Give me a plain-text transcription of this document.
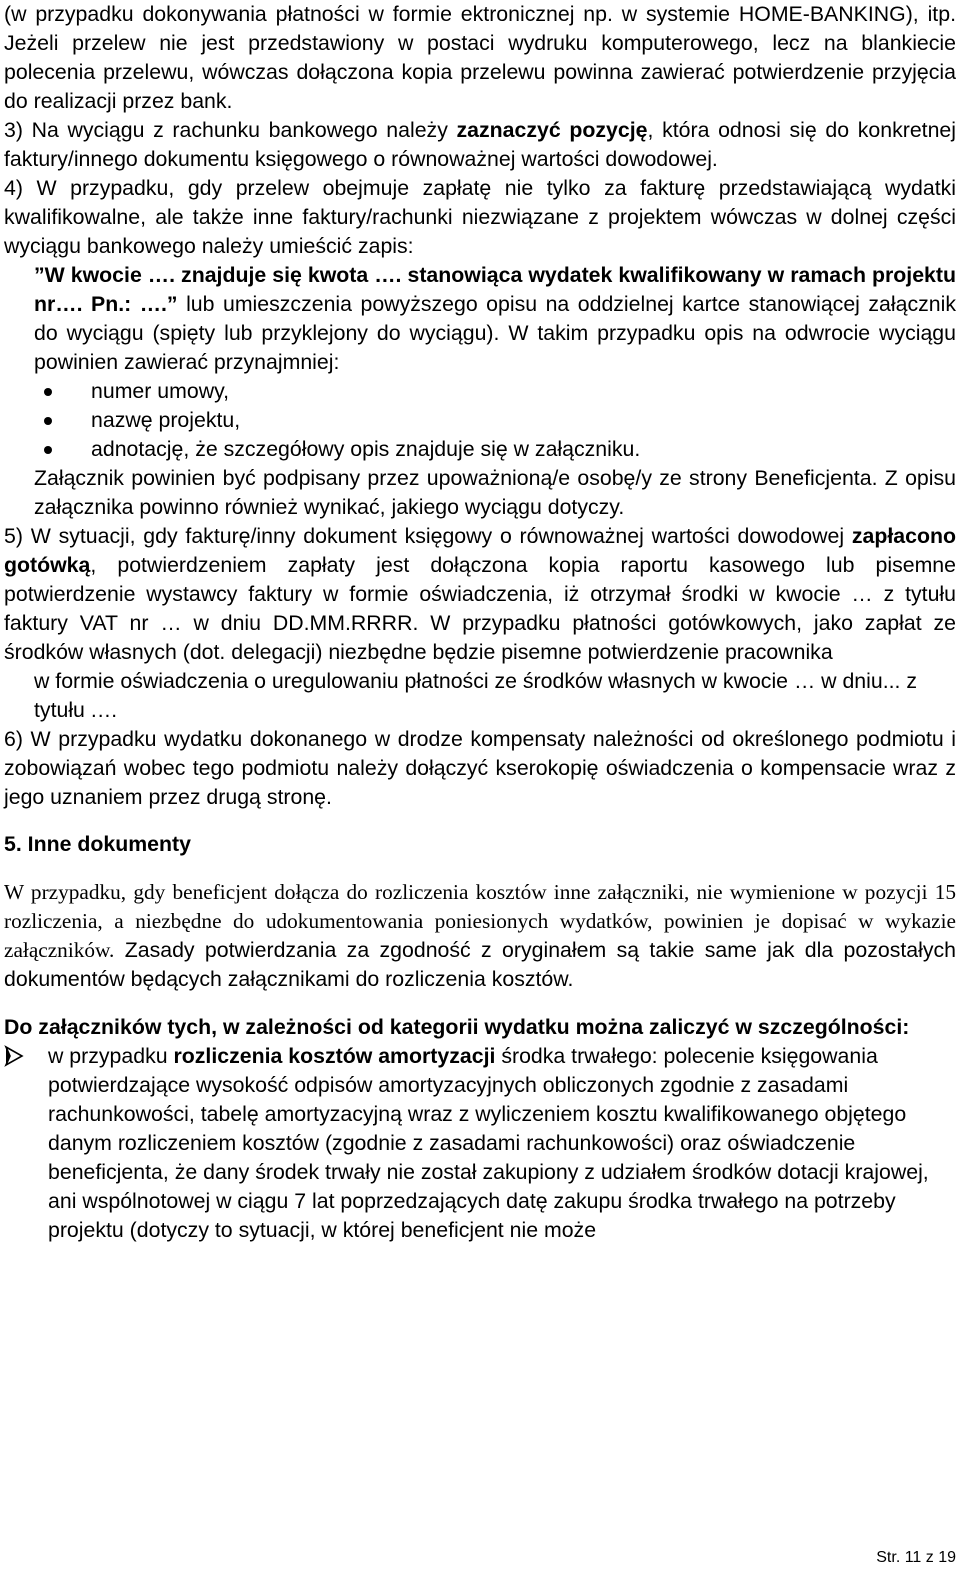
(w przypadku dokonywania płatności w formie ektronicznej np. w systemie HOME-BANKING), itp. Jeżeli przelew nie jest przedstawiony w postaci wydruku komputerowego, lecz na blankiecie polecenia przelewu, wówczas dołączona kopia przelewu powinna zawierać potwierdzenie przyjęcia do realizacji przez bank.

3) Na wyciągu z rachunku bankowego należy zaznaczyć pozycję, która odnosi się do konkretnej faktury/innego dokumentu księgowego o równoważnej wartości dowodowej.

4) W przypadku, gdy przelew obejmuje zapłatę nie tylko za fakturę przedstawiającą wydatki kwalifikowalne, ale także inne faktury/rachunki niezwiązane z projektem wówczas w dolnej części wyciągu bankowego należy umieścić zapis:

”W kwocie …. znajduje się kwota …. stanowiąca wydatek kwalifikowany w ramach projektu nr…. Pn.: ….” lub umieszczenia powyższego opisu na oddzielnej kartce stanowiącej załącznik do wyciągu (spięty lub przyklejony do wyciągu). W takim przypadku opis na odwrocie wyciągu powinien zawierać przynajmniej:

numer umowy,
nazwę projektu,
adnotację, że szczegółowy opis znajduje się w załączniku.

Załącznik powinien być podpisany przez upoważnioną/e osobę/y ze strony Beneficjenta. Z opisu załącznika powinno również wynikać, jakiego wyciągu dotyczy.

5) W sytuacji, gdy fakturę/inny dokument księgowy o równoważnej wartości dowodowej zapłacono gotówką, potwierdzeniem zapłaty jest dołączona kopia raportu kasowego lub pisemne potwierdzenie wystawcy faktury w formie oświadczenia, iż otrzymał środki w kwocie … z tytułu faktury VAT nr … w dniu DD.MM.RRRR. W przypadku płatności gotówkowych, jako zapłat ze środków własnych (dot. delegacji) niezbędne będzie pisemne potwierdzenie pracownika

w formie oświadczenia o uregulowaniu płatności ze środków własnych w kwocie … w dniu... z tytułu .…

6) W przypadku wydatku dokonanego w drodze kompensaty należności od określonego podmiotu i zobowiązań wobec tego podmiotu należy dołączyć kserokopię oświadczenia o kompensacie wraz z jego uznaniem przez drugą stronę.

5. Inne dokumenty

W przypadku, gdy beneficjent dołącza do rozliczenia kosztów inne załączniki, nie wymienione w pozycji 15 rozliczenia, a niezbędne do udokumentowania poniesionych wydatków, powinien je dopisać w wykazie załączników. Zasady potwierdzania za zgodność z oryginałem są takie same jak dla pozostałych dokumentów będących załącznikami do rozliczenia kosztów.

Do załączników tych, w zależności od kategorii wydatku można zaliczyć w szczególności:

w przypadku rozliczenia kosztów amortyzacji środka trwałego: polecenie księgowania potwierdzające wysokość odpisów amortyzacyjnych obliczonych zgodnie z zasadami rachunkowości, tabelę amortyzacyjną wraz z wyliczeniem kosztu kwalifikowanego objętego danym rozliczeniem kosztów (zgodnie z zasadami rachunkowości) oraz oświadczenie beneficjenta, że dany środek trwały nie został zakupiony z udziałem środków dotacji krajowej, ani wspólnotowej w ciągu 7 lat poprzedzających datę zakupu środka trwałego na potrzeby projektu (dotyczy to sytuacji, w której beneficjent nie może
Str. 11 z 19
